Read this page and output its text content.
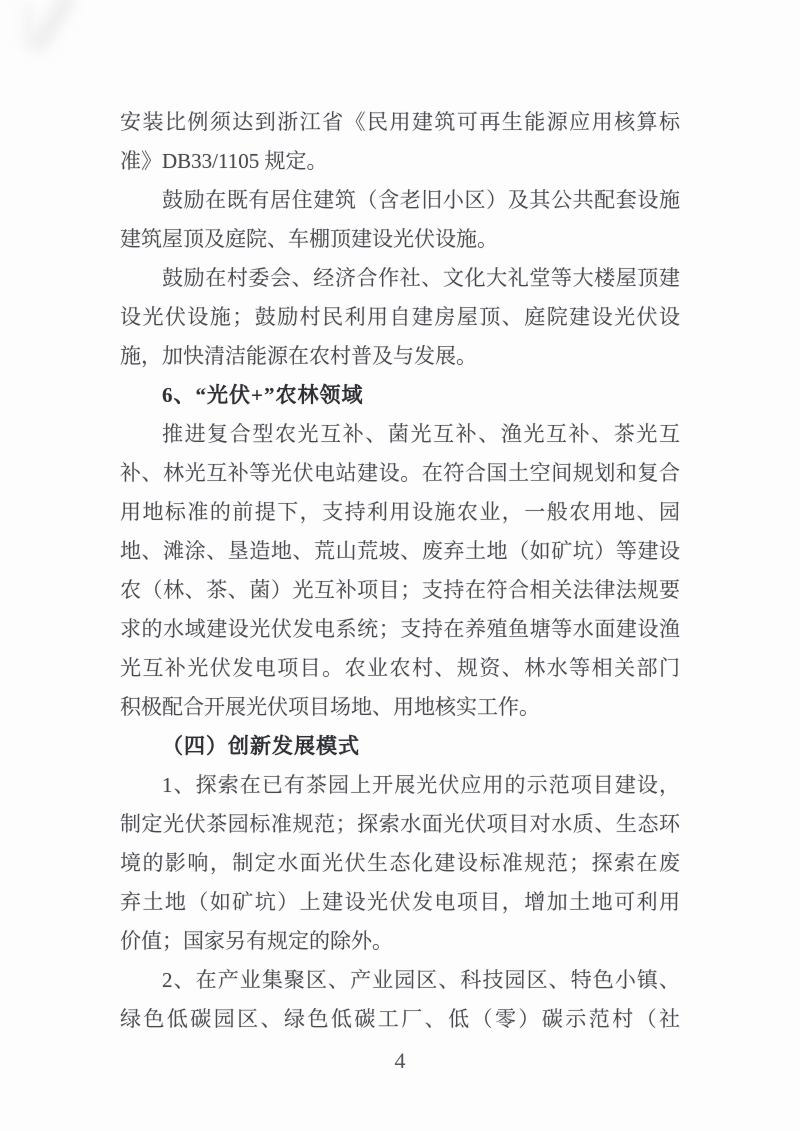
安装比例须达到浙江省《民用建筑可再生能源应用核算标
准》DB33/1105 规定。
鼓励在既有居住建筑（含老旧小区）及其公共配套设施
建筑屋顶及庭院、车棚顶建设光伏设施。
鼓励在村委会、经济合作社、文化大礼堂等大楼屋顶建
设光伏设施；鼓励村民利用自建房屋顶、庭院建设光伏设
施，加快清洁能源在农村普及与发展。
6、“光伏+”农林领域
推进复合型农光互补、菌光互补、渔光互补、茶光互
补、林光互补等光伏电站建设。在符合国土空间规划和复合
用地标准的前提下，支持利用设施农业，一般农用地、园
地、滩涂、垦造地、荒山荒坡、废弃土地（如矿坑）等建设
农（林、茶、菌）光互补项目；支持在符合相关法律法规要
求的水域建设光伏发电系统；支持在养殖鱼塘等水面建设渔
光互补光伏发电项目。农业农村、规资、林水等相关部门
积极配合开展光伏项目场地、用地核实工作。
（四）创新发展模式
1、探索在已有茶园上开展光伏应用的示范项目建设，
制定光伏茶园标准规范；探索水面光伏项目对水质、生态环
境的影响，制定水面光伏生态化建设标准规范；探索在废
弃土地（如矿坑）上建设光伏发电项目，增加土地可利用
价值；国家另有规定的除外。
2、在产业集聚区、产业园区、科技园区、特色小镇、
绿色低碳园区、绿色低碳工厂、低（零）碳示范村（社
4
